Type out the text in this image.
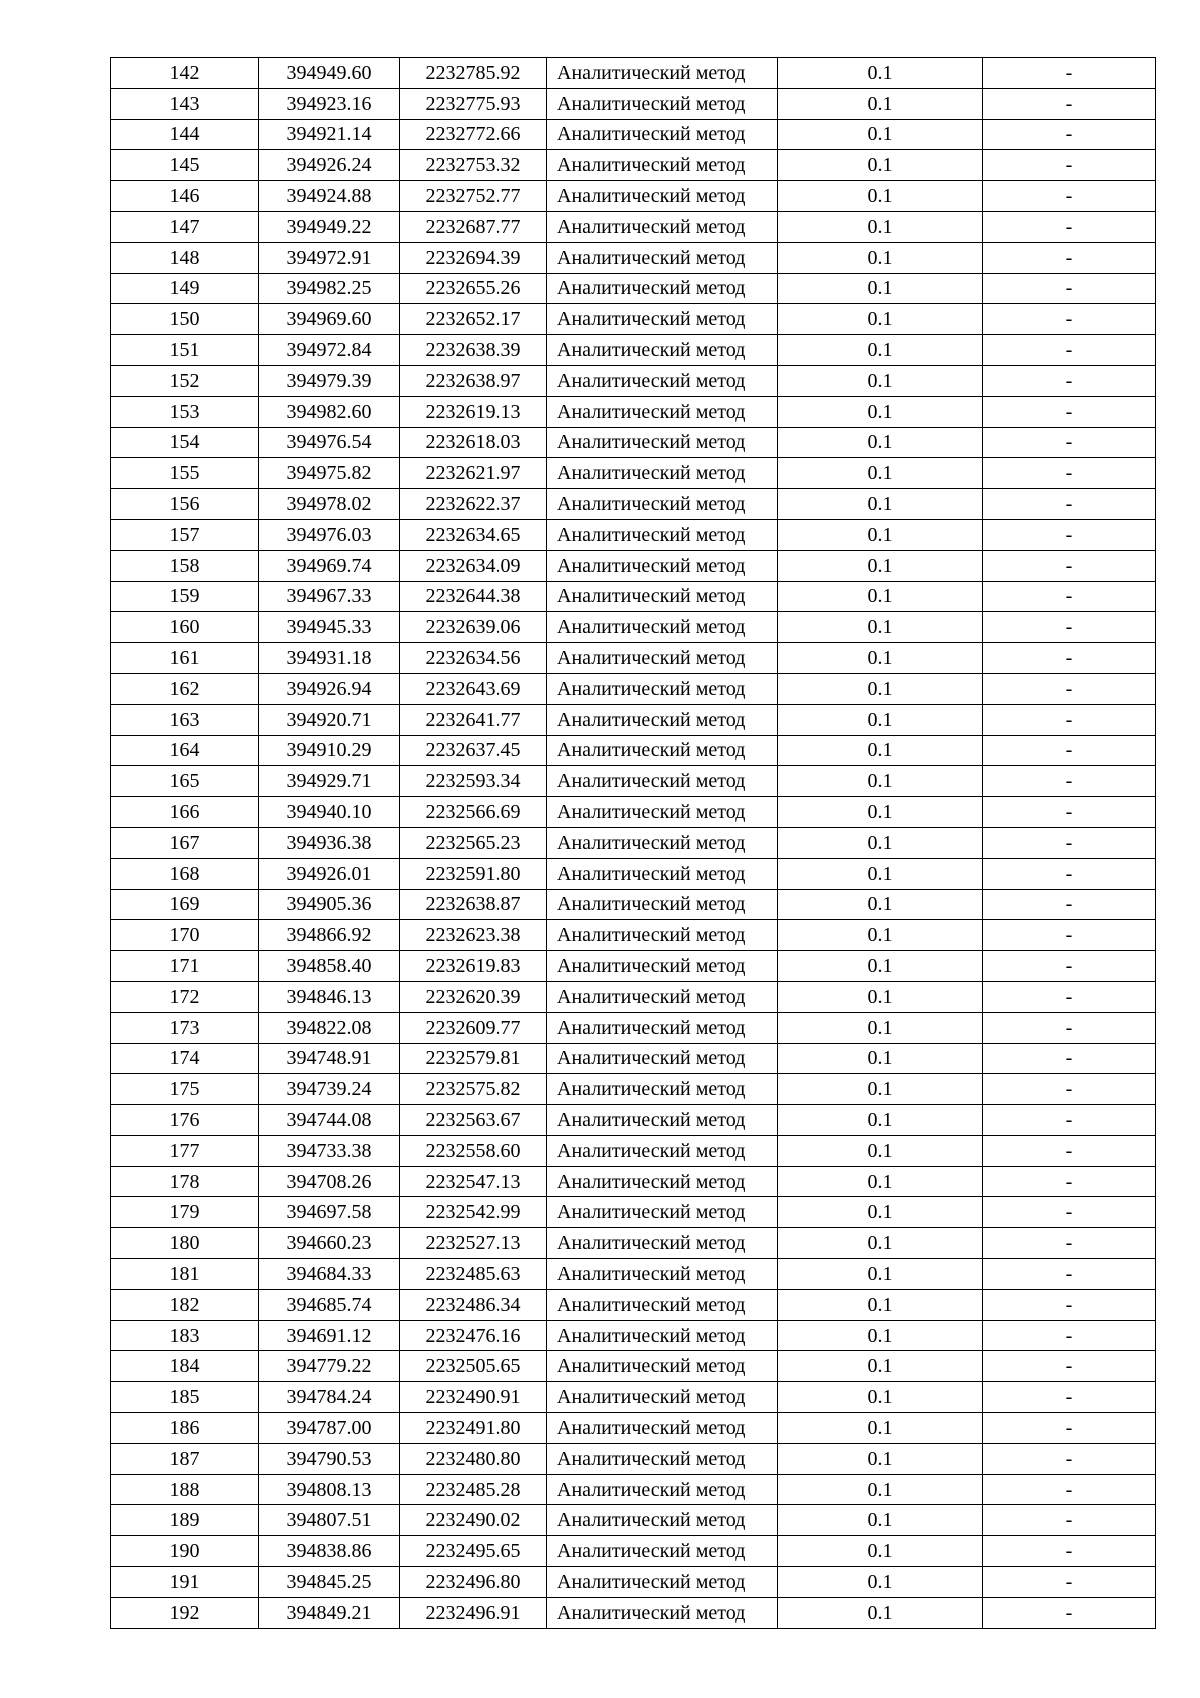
142	394949.60	2232785.92	Аналитический метод	0.1	-
143	394923.16	2232775.93	Аналитический метод	0.1	-
144	394921.14	2232772.66	Аналитический метод	0.1	-
145	394926.24	2232753.32	Аналитический метод	0.1	-
146	394924.88	2232752.77	Аналитический метод	0.1	-
147	394949.22	2232687.77	Аналитический метод	0.1	-
148	394972.91	2232694.39	Аналитический метод	0.1	-
149	394982.25	2232655.26	Аналитический метод	0.1	-
150	394969.60	2232652.17	Аналитический метод	0.1	-
151	394972.84	2232638.39	Аналитический метод	0.1	-
152	394979.39	2232638.97	Аналитический метод	0.1	-
153	394982.60	2232619.13	Аналитический метод	0.1	-
154	394976.54	2232618.03	Аналитический метод	0.1	-
155	394975.82	2232621.97	Аналитический метод	0.1	-
156	394978.02	2232622.37	Аналитический метод	0.1	-
157	394976.03	2232634.65	Аналитический метод	0.1	-
158	394969.74	2232634.09	Аналитический метод	0.1	-
159	394967.33	2232644.38	Аналитический метод	0.1	-
160	394945.33	2232639.06	Аналитический метод	0.1	-
161	394931.18	2232634.56	Аналитический метод	0.1	-
162	394926.94	2232643.69	Аналитический метод	0.1	-
163	394920.71	2232641.77	Аналитический метод	0.1	-
164	394910.29	2232637.45	Аналитический метод	0.1	-
165	394929.71	2232593.34	Аналитический метод	0.1	-
166	394940.10	2232566.69	Аналитический метод	0.1	-
167	394936.38	2232565.23	Аналитический метод	0.1	-
168	394926.01	2232591.80	Аналитический метод	0.1	-
169	394905.36	2232638.87	Аналитический метод	0.1	-
170	394866.92	2232623.38	Аналитический метод	0.1	-
171	394858.40	2232619.83	Аналитический метод	0.1	-
172	394846.13	2232620.39	Аналитический метод	0.1	-
173	394822.08	2232609.77	Аналитический метод	0.1	-
174	394748.91	2232579.81	Аналитический метод	0.1	-
175	394739.24	2232575.82	Аналитический метод	0.1	-
176	394744.08	2232563.67	Аналитический метод	0.1	-
177	394733.38	2232558.60	Аналитический метод	0.1	-
178	394708.26	2232547.13	Аналитический метод	0.1	-
179	394697.58	2232542.99	Аналитический метод	0.1	-
180	394660.23	2232527.13	Аналитический метод	0.1	-
181	394684.33	2232485.63	Аналитический метод	0.1	-
182	394685.74	2232486.34	Аналитический метод	0.1	-
183	394691.12	2232476.16	Аналитический метод	0.1	-
184	394779.22	2232505.65	Аналитический метод	0.1	-
185	394784.24	2232490.91	Аналитический метод	0.1	-
186	394787.00	2232491.80	Аналитический метод	0.1	-
187	394790.53	2232480.80	Аналитический метод	0.1	-
188	394808.13	2232485.28	Аналитический метод	0.1	-
189	394807.51	2232490.02	Аналитический метод	0.1	-
190	394838.86	2232495.65	Аналитический метод	0.1	-
191	394845.25	2232496.80	Аналитический метод	0.1	-
192	394849.21	2232496.91	Аналитический метод	0.1	-
